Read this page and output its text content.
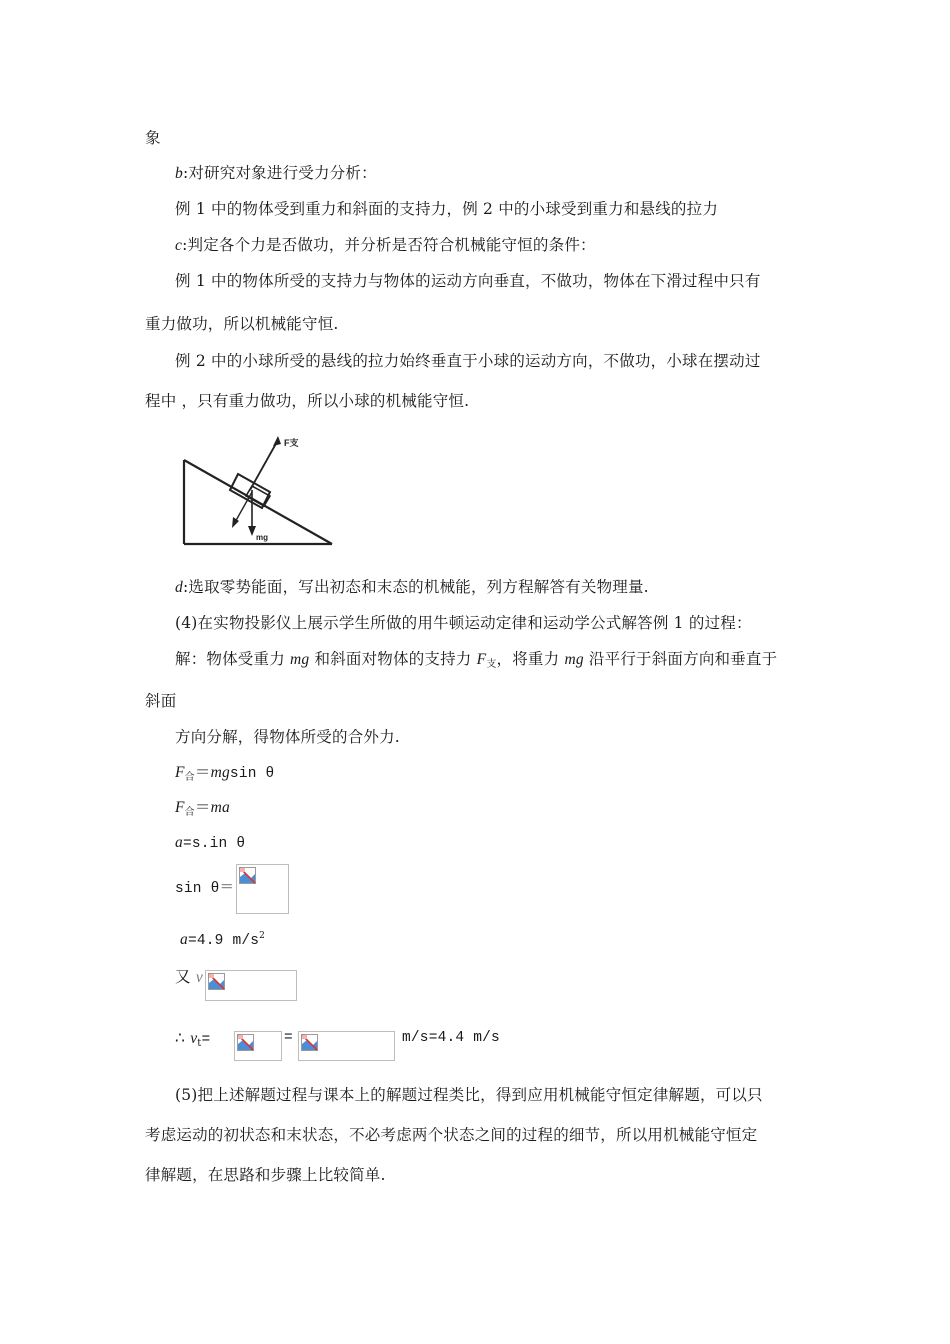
象
b:对研究对象进行受力分析：
例 1 中的物体受到重力和斜面的支持力，例 2 中的小球受到重力和悬线的拉力
c:判定各个力是否做功，并分析是否符合机械能守恒的条件：
例 1 中的物体所受的支持力与物体的运动方向垂直，不做功，物体在下滑过程中只有
重力做功，所以机械能守恒.
例 2 中的小球所受的悬线的拉力始终垂直于小球的运动方向，不做功，小球在摆动过
程中 ，只有重力做功，所以小球的机械能守恒.
F支
mg
d:选取零势能面，写出初态和末态的机械能，列方程解答有关物理量.
(4)在实物投影仪上展示学生所做的用牛顿运动定律和运动学公式解答例 1 的过程：
解：物体受重力 mg 和斜面对物体的支持力 F支，将重力 mg 沿平行于斜面方向和垂直于
斜面
方向分解，得物体所受的合外力.
F合＝mgsin θ
F合＝ma
a=s.in θ
sin θ＝
a=4.9 $m/s^2$
又 v
∴ vt=	=	m/s=4.4 m/s
(5)把上述解题过程与课本上的解题过程类比，得到应用机械能守恒定律解题，可以只
考虑运动的初状态和末状态，不必考虑两个状态之间的过程的细节，所以用机械能守恒定
律解题，在思路和步骤上比较简单.
